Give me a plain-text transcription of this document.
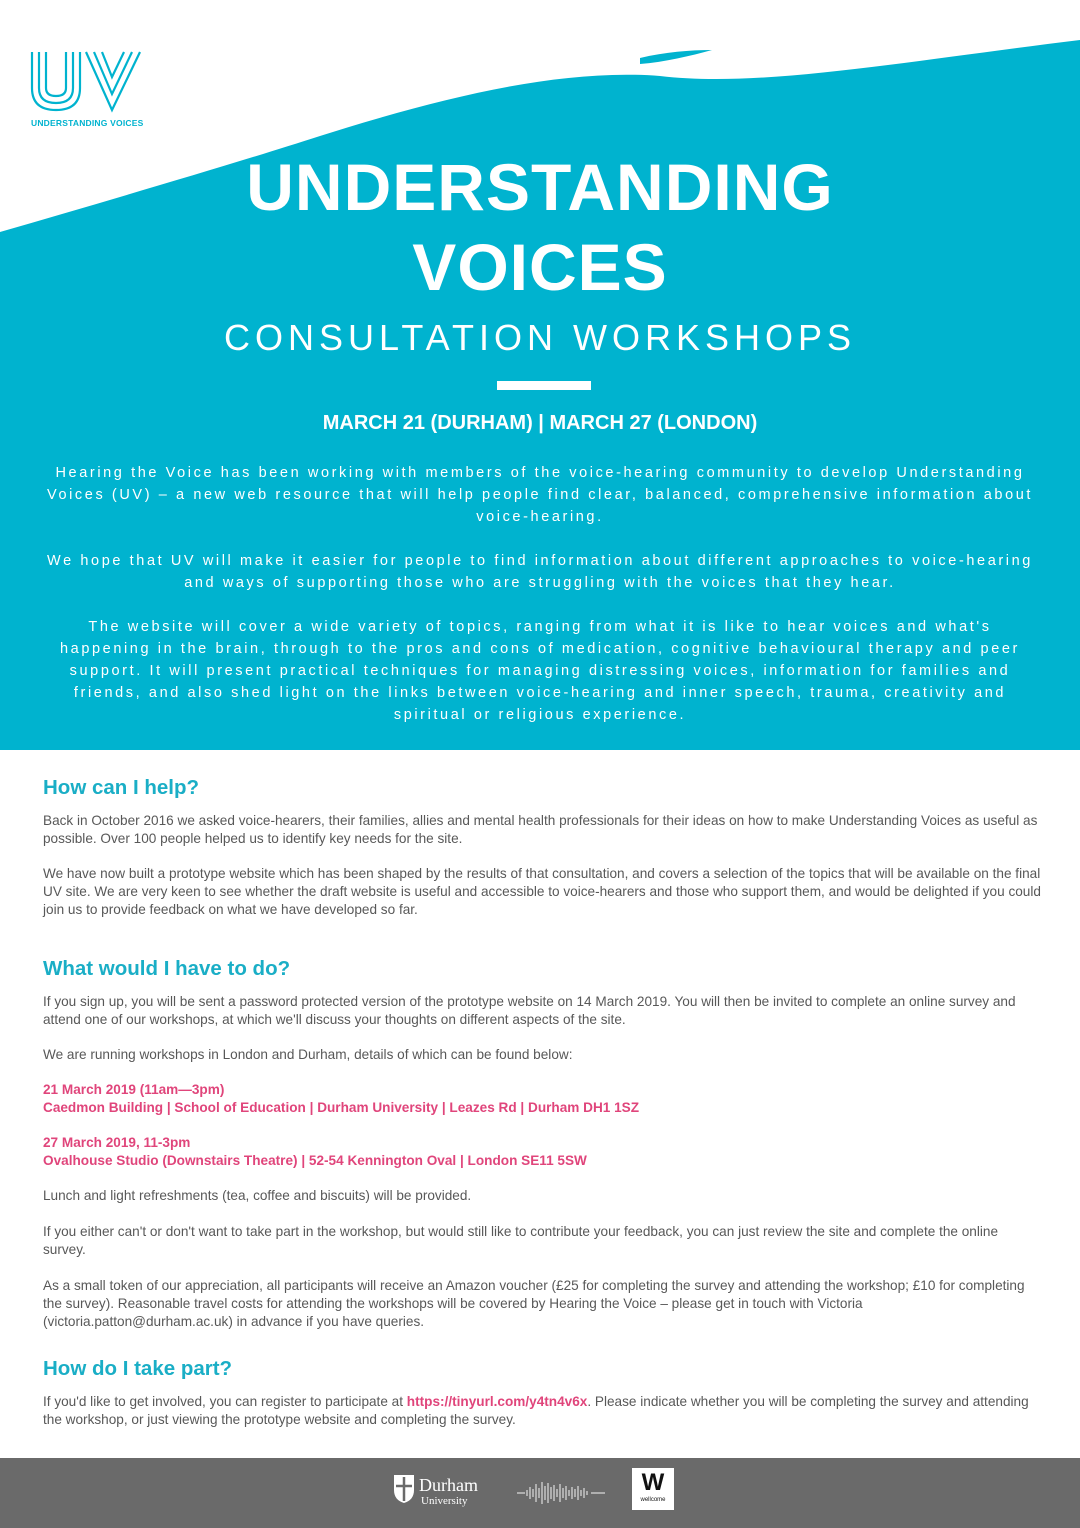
UNDERSTANDING VOICES
UNDERSTANDING
VOICES
CONSULTATION WORKSHOPS
MARCH 21 (DURHAM) | MARCH 27 (LONDON)

Hearing the Voice has been working with members of the voice-hearing community to develop Understanding Voices (UV) – a new web resource that will help people find clear, balanced, comprehensive information about voice-hearing.

We hope that UV will make it easier for people to find information about different approaches to voice-hearing and ways of supporting those who are struggling with the voices that they hear.

The website will cover a wide variety of topics, ranging from what it is like to hear voices and what's happening in the brain, through to the pros and cons of medication, cognitive behavioural therapy and peer support. It will present practical techniques for managing distressing voices, information for families and friends, and also shed light on the links between voice-hearing and inner speech, trauma, creativity and spiritual or religious experience.

How can I help?

Back in October 2016 we asked voice-hearers, their families, allies and mental health professionals for their ideas on how to make Understanding Voices as useful as possible. Over 100 people helped us to identify key needs for the site.

We have now built a prototype website which has been shaped by the results of that consultation, and covers a selection of the topics that will be available on the final UV site. We are very keen to see whether the draft website is useful and accessible to voice-hearers and those who support them, and would be delighted if you could join us to provide feedback on what we have developed so far.

What would I have to do?

If you sign up, you will be sent a password protected version of the prototype website on 14 March 2019. You will then be invited to complete an online survey and attend one of our workshops, at which we'll discuss your thoughts on different aspects of the site.

We are running workshops in London and Durham, details of which can be found below:

21 March 2019 (11am—3pm)
Caedmon Building | School of Education | Durham University | Leazes Rd | Durham DH1 1SZ

27 March 2019, 11-3pm
Ovalhouse Studio (Downstairs Theatre) | 52-54 Kennington Oval | London SE11 5SW

Lunch and light refreshments (tea, coffee and biscuits) will be provided.

If you either can't or don't want to take part in the workshop, but would still like to contribute your feedback, you can just review the site and complete the online survey.

As a small token of our appreciation, all participants will receive an Amazon voucher (£25 for completing the survey and attending the workshop; £10 for completing the survey). Reasonable travel costs for attending the workshops will be covered by Hearing the Voice – please get in touch with Victoria (victoria.patton@durham.ac.uk) in advance if you have queries.

How do I take part?

If you'd like to get involved, you can register to participate at https://tinyurl.com/y4tn4v6x. Please indicate whether you will be completing the survey and attending the workshop, or just viewing the prototype website and completing the survey.

Durham
University
W
wellcome
